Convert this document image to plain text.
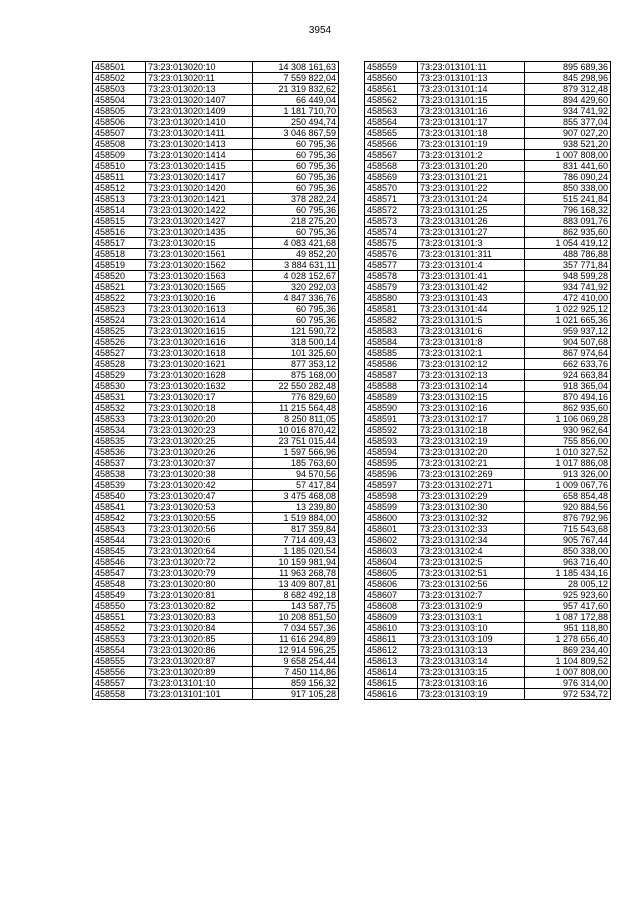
3954
458501	73:23:013020:10	14 308 161,63
458502	73:23:013020:11	7 559 822,04
458503	73:23:013020:13	21 319 832,62
458504	73:23:013020:1407	66 449,04
458505	73:23:013020:1409	1 181 710,70
458506	73:23:013020:1410	250 494,74
458507	73:23:013020:1411	3 046 867,59
458508	73:23:013020:1413	60 795,36
458509	73:23:013020:1414	60 795,36
458510	73:23:013020:1415	60 795,36
458511	73:23:013020:1417	60 795,36
458512	73:23:013020:1420	60 795,36
458513	73:23:013020:1421	378 282,24
458514	73:23:013020:1422	60 795,36
458515	73:23:013020:1427	218 275,20
458516	73:23:013020:1435	60 795,36
458517	73:23:013020:15	4 083 421,68
458518	73:23:013020:1561	49 852,20
458519	73:23:013020:1562	3 884 631,11
458520	73:23:013020:1563	4 028 152,67
458521	73:23:013020:1565	320 292,03
458522	73:23:013020:16	4 847 336,76
458523	73:23:013020:1613	60 795,36
458524	73:23:013020:1614	60 795,36
458525	73:23:013020:1615	121 590,72
458526	73:23:013020:1616	318 500,14
458527	73:23:013020:1618	101 325,60
458528	73:23:013020:1621	877 353,12
458529	73:23:013020:1628	875 168,00
458530	73:23:013020:1632	22 550 282,48
458531	73:23:013020:17	776 829,60
458532	73:23:013020:18	11 215 564,48
458533	73:23:013020:20	8 250 811,05
458534	73:23:013020:23	10 016 870,42
458535	73:23:013020:25	23 751 015,44
458536	73:23:013020:26	1 597 566,96
458537	73:23:013020:37	185 763,60
458538	73:23:013020:38	94 570,56
458539	73:23:013020:42	57 417,84
458540	73:23:013020:47	3 475 468,08
458541	73:23:013020:53	13 239,80
458542	73:23:013020:55	1 519 884,00
458543	73:23:013020:56	817 359,84
458544	73:23:013020:6	7 714 409,43
458545	73:23:013020:64	1 185 020,54
458546	73:23:013020:72	10 159 981,94
458547	73:23:013020:79	11 963 268,78
458548	73:23:013020:80	13 409 807,81
458549	73:23:013020:81	8 682 492,18
458550	73:23:013020:82	143 587,75
458551	73:23:013020:83	10 208 851,50
458552	73:23:013020:84	7 034 557,36
458553	73:23:013020:85	11 616 294,89
458554	73:23:013020:86	12 914 596,25
458555	73:23:013020:87	9 658 254,44
458556	73:23:013020:89	7 450 114,86
458557	73:23:013101:10	859 156,32
458558	73:23:013101:101	917 105,28
458559	73:23:013101:11	895 689,36
458560	73:23:013101:13	845 298,96
458561	73:23:013101:14	879 312,48
458562	73:23:013101:15	894 429,60
458563	73:23:013101:16	934 741,92
458564	73:23:013101:17	855 377,04
458565	73:23:013101:18	907 027,20
458566	73:23:013101:19	938 521,20
458567	73:23:013101:2	1 007 808,00
458568	73:23:013101:20	831 441,60
458569	73:23:013101:21	786 090,24
458570	73:23:013101:22	850 338,00
458571	73:23:013101:24	515 241,84
458572	73:23:013101:25	796 168,32
458573	73:23:013101:26	883 091,76
458574	73:23:013101:27	862 935,60
458575	73:23:013101:3	1 054 419,12
458576	73:23:013101:311	488 786,88
458577	73:23:013101:4	357 771,84
458578	73:23:013101:41	948 599,28
458579	73:23:013101:42	934 741,92
458580	73:23:013101:43	472 410,00
458581	73:23:013101:44	1 022 925,12
458582	73:23:013101:5	1 021 665,36
458583	73:23:013101:6	959 937,12
458584	73:23:013101:8	904 507,68
458585	73:23:013102:1	867 974,64
458586	73:23:013102:12	662 633,76
458587	73:23:013102:13	924 663,84
458588	73:23:013102:14	918 365,04
458589	73:23:013102:15	870 494,16
458590	73:23:013102:16	862 935,60
458591	73:23:013102:17	1 106 069,28
458592	73:23:013102:18	930 962,64
458593	73:23:013102:19	755 856,00
458594	73:23:013102:20	1 010 327,52
458595	73:23:013102:21	1 017 886,08
458596	73:23:013102:269	913 326,00
458597	73:23:013102:271	1 009 067,76
458598	73:23:013102:29	658 854,48
458599	73:23:013102:30	920 884,56
458600	73:23:013102:32	876 792,96
458601	73:23:013102:33	715 543,68
458602	73:23:013102:34	905 767,44
458603	73:23:013102:4	850 338,00
458604	73:23:013102:5	963 716,40
458605	73:23:013102:51	1 185 434,16
458606	73:23:013102:56	28 005,12
458607	73:23:013102:7	925 923,60
458608	73:23:013102:9	957 417,60
458609	73:23:013103:1	1 087 172,88
458610	73:23:013103:10	951 118,80
458611	73:23:013103:109	1 278 656,40
458612	73:23:013103:13	869 234,40
458613	73:23:013103:14	1 104 809,52
458614	73:23:013103:15	1 007 808,00
458615	73:23:013103:16	976 314,00
458616	73:23:013103:19	972 534,72
